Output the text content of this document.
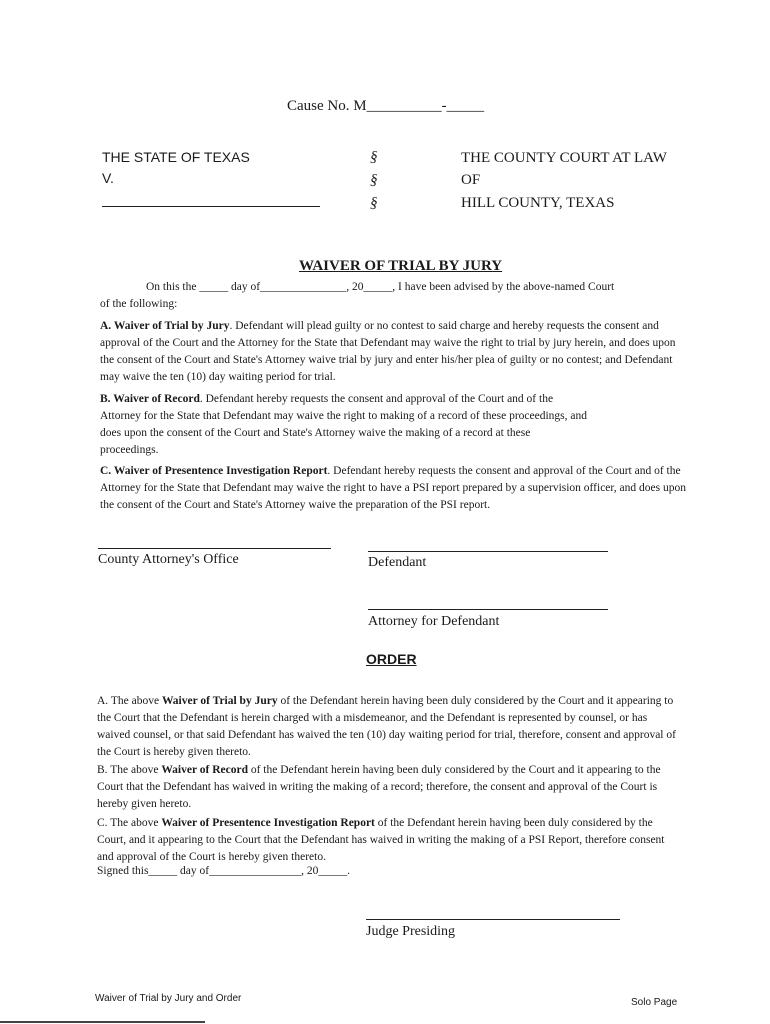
Cause No. M__________-_____
THE STATE OF TEXAS
V.
§
§
§
THE COUNTY COURT AT LAW
OF
HILL COUNTY, TEXAS
WAIVER OF TRIAL BY JURY
On this the _____ day of_______________, 20_____, I have been advised by the above-named Court
of the following:

A. Waiver of Trial by Jury. Defendant will plead guilty or no contest to said charge and hereby requests the consent and approval of the Court and the Attorney for the State that Defendant may waive the right to trial by jury herein, and does upon the consent of the Court and State's Attorney waive trial by jury and enter his/her plea of guilty or no contest; and Defendant may waive the ten (10) day waiting period for trial.

B. Waiver of Record. Defendant hereby requests the consent and approval of the Court and of the Attorney for the State that Defendant may waive the right to making of a record of these proceedings, and does upon the consent of the Court and State's Attorney waive the making of a record at these proceedings.

C. Waiver of Presentence Investigation Report. Defendant hereby requests the consent and approval of the Court and of the Attorney for the State that Defendant may waive the right to have a PSI report prepared by a supervision officer, and does upon the consent of the Court and State's Attorney waive the preparation of the PSI report.

County Attorney's Office	Defendant
Attorney for Defendant
ORDER

A. The above Waiver of Trial by Jury of the Defendant herein having been duly considered by the Court and it appearing to the Court that the Defendant is herein charged with a misdemeanor, and the Defendant is represented by counsel, or has waived counsel, or that said Defendant has waived the ten (10) day waiting period for trial, therefore, consent and approval of the Court is hereby given thereto.

B. The above Waiver of Record of the Defendant herein having been duly considered by the Court and it appearing to the Court that the Defendant has waived in writing the making of a record; therefore, the consent and approval of the Court is hereby given hereto.

C. The above Waiver of Presentence Investigation Report of the Defendant herein having been duly considered by the Court, and it appearing to the Court that the Defendant has waived in writing the making of a PSI Report, therefore consent and approval of the Court is hereby given thereto.

Signed this_____ day of________________, 20_____.
Judge Presiding
Waiver of Trial by Jury and Order	Solo Page
